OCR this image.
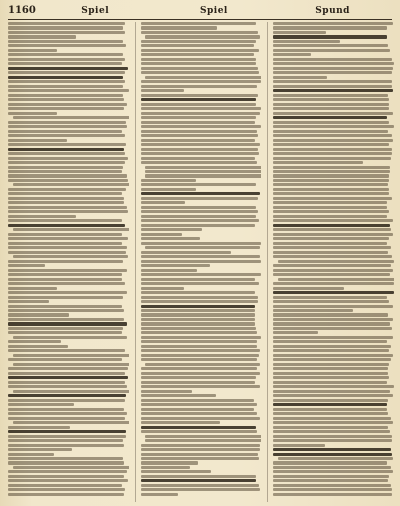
1160	Spiel	Spiel	Spund
